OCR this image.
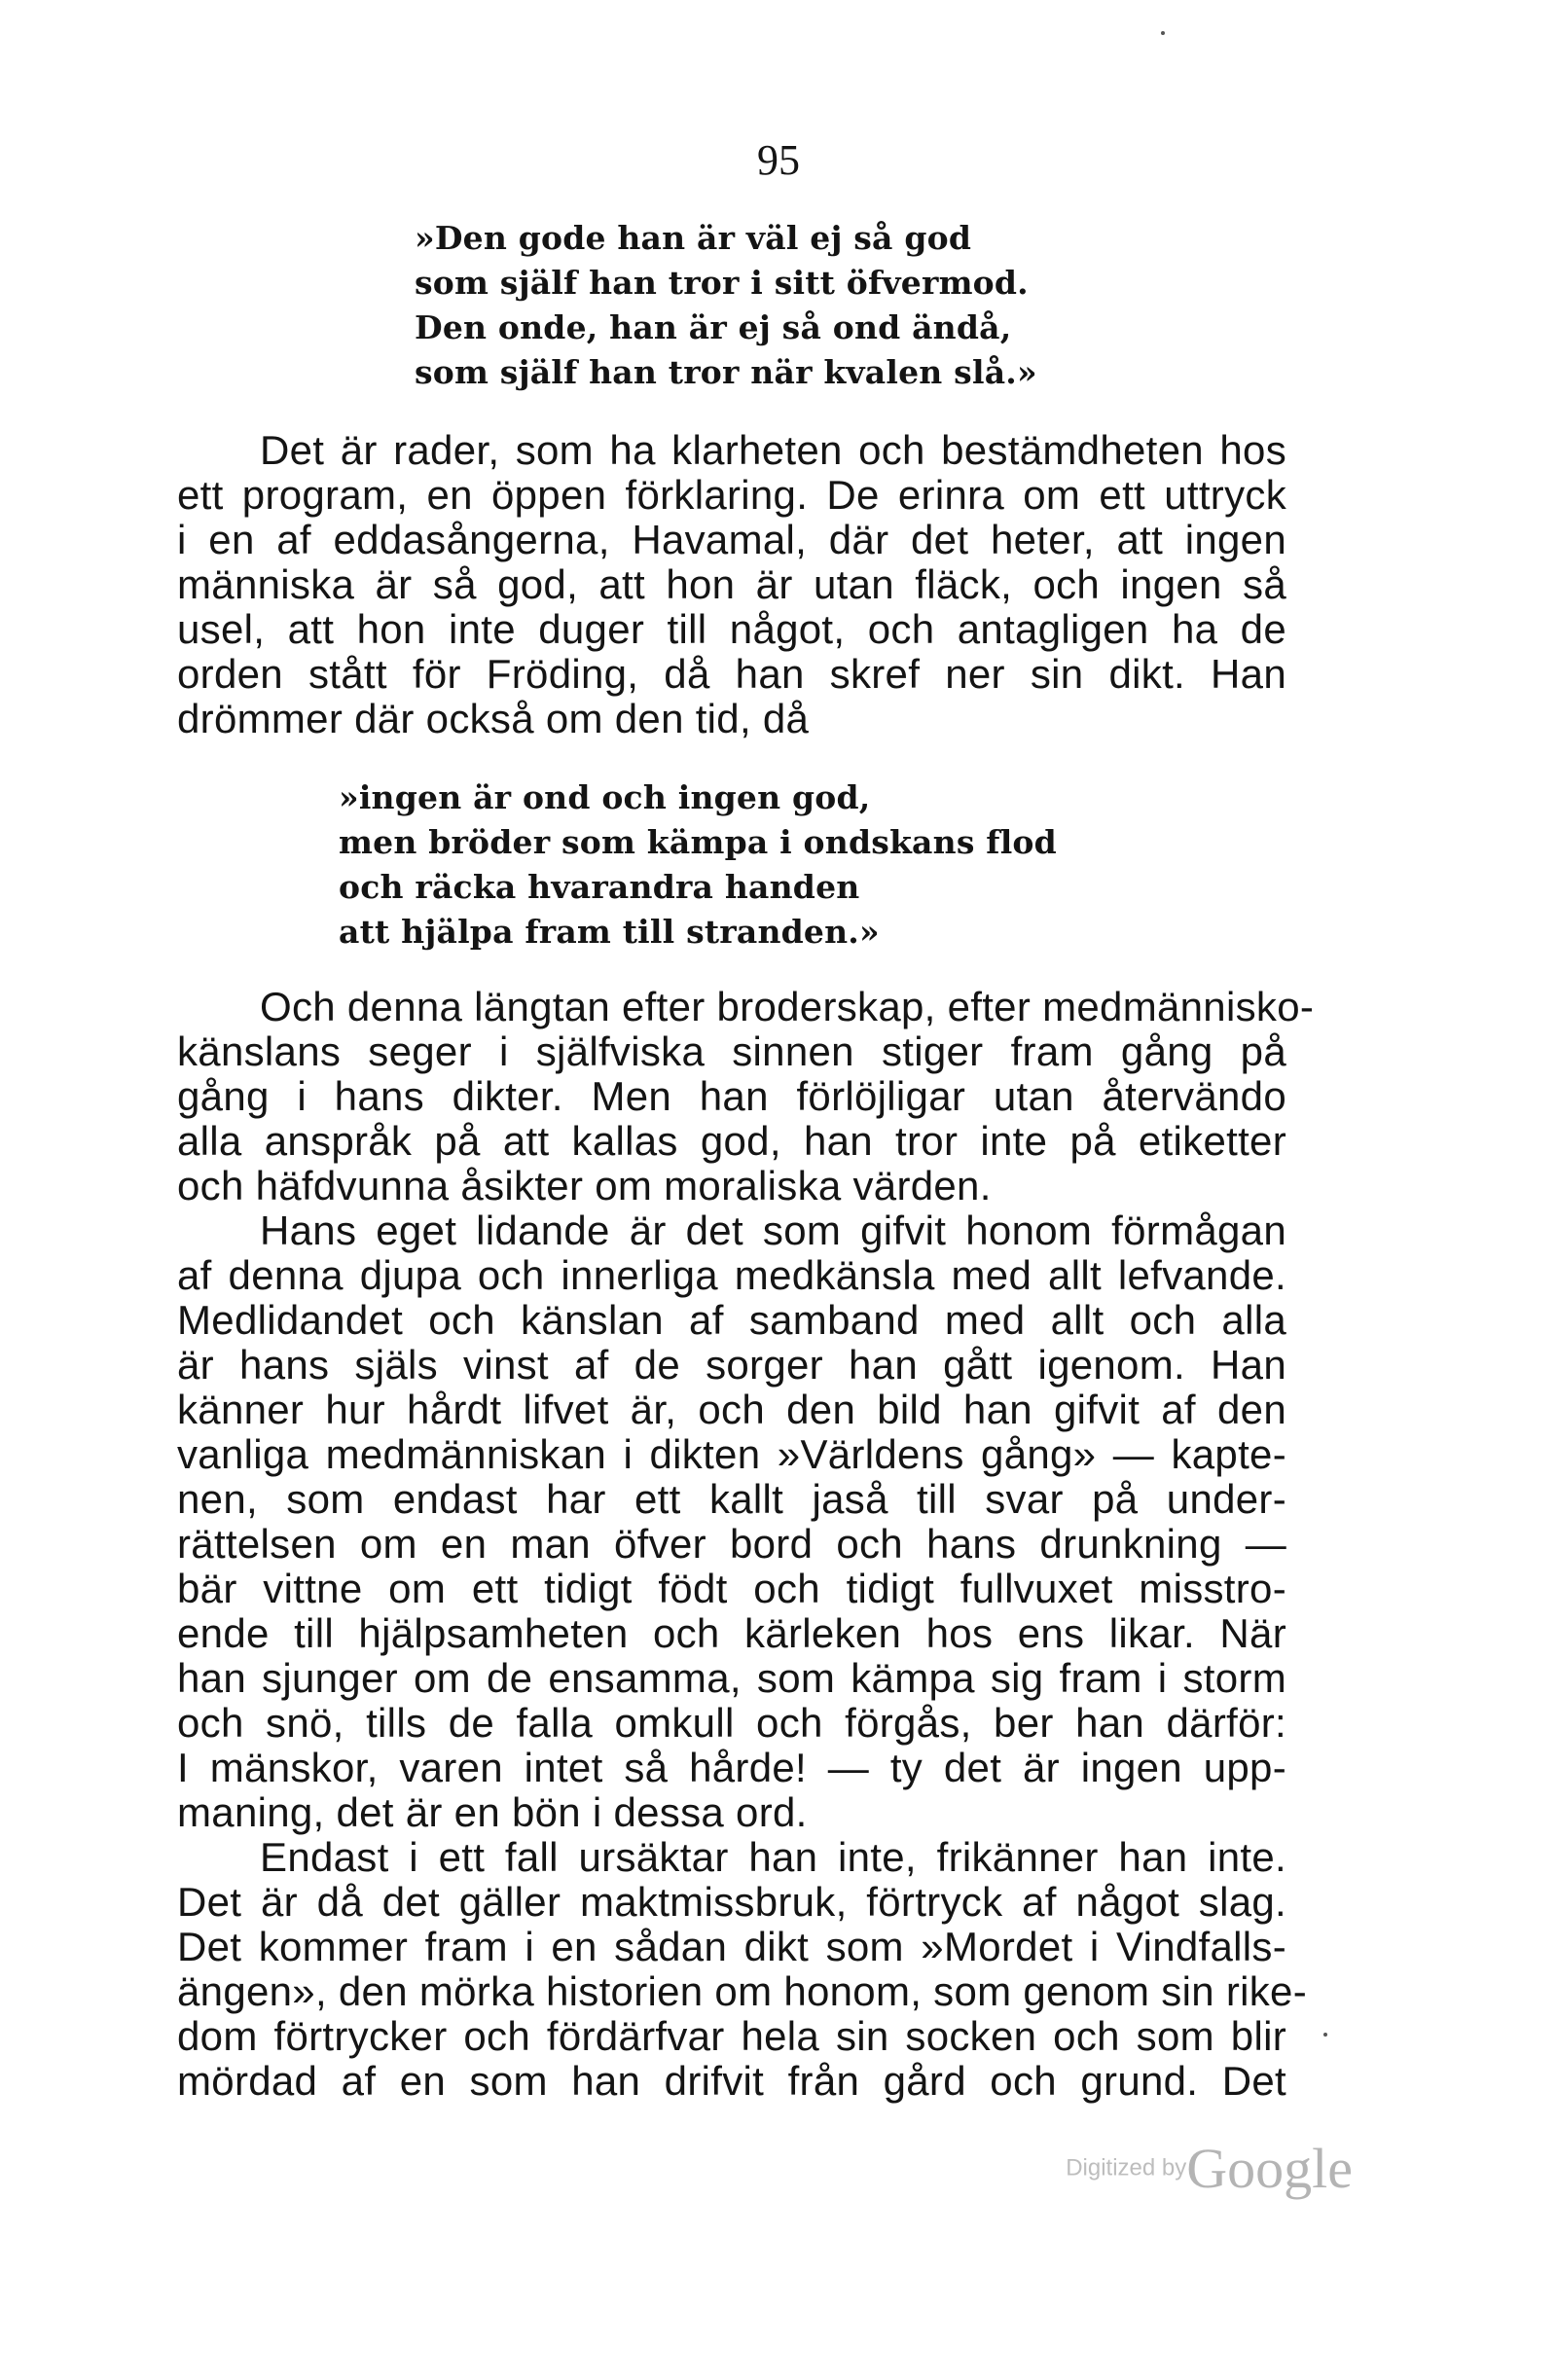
95
»Den gode han är väl ej så god
som själf han tror i sitt öfvermod.
Den onde, han är ej så ond ändå,
som själf han tror när kvalen slå.»
Det är rader, som ha klarheten och bestämdheten hos
ett program, en öppen förklaring. De erinra om ett uttryck
i en af eddasångerna, Havamal, där det heter, att ingen
människa är så god, att hon är utan fläck, och ingen så
usel, att hon inte duger till något, och antagligen ha de
orden stått för Fröding, då han skref ner sin dikt. Han
drömmer där också om den tid, då
»ingen är ond och ingen god,
men bröder som kämpa i ondskans flod
och räcka hvarandra handen
att hjälpa fram till stranden.»
Och denna längtan efter broderskap, efter medmännisko-
känslans seger i själfviska sinnen stiger fram gång på
gång i hans dikter. Men han förlöjligar utan återvändo
alla anspråk på att kallas god, han tror inte på etiketter
och häfdvunna åsikter om moraliska värden.
Hans eget lidande är det som gifvit honom förmågan
af denna djupa och innerliga medkänsla med allt lefvande.
Medlidandet och känslan af samband med allt och alla
är hans själs vinst af de sorger han gått igenom. Han
känner hur hårdt lifvet är, och den bild han gifvit af den
vanliga medmänniskan i dikten »Världens gång» — kapte-
nen, som endast har ett kallt jaså till svar på under-
rättelsen om en man öfver bord och hans drunkning —
bär vittne om ett tidigt födt och tidigt fullvuxet misstro-
ende till hjälpsamheten och kärleken hos ens likar. När
han sjunger om de ensamma, som kämpa sig fram i storm
och snö, tills de falla omkull och förgås, ber han därför:
I mänskor, varen intet så hårde! — ty det är ingen upp-
maning, det är en bön i dessa ord.
Endast i ett fall ursäktar han inte, frikänner han inte.
Det är då det gäller maktmissbruk, förtryck af något slag.
Det kommer fram i en sådan dikt som »Mordet i Vindfalls-
ängen», den mörka historien om honom, som genom sin rike-
dom förtrycker och fördärfvar hela sin socken och som blir
mördad af en som han drifvit från gård och grund. Det
Digitized byGoogle
